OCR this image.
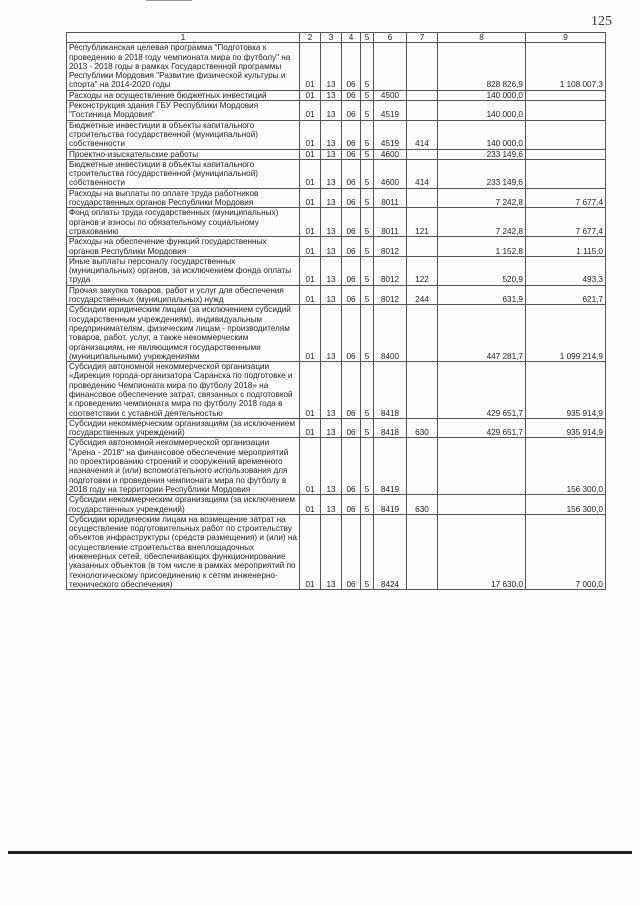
125
1	2	3	4	5	6	7	8	9
Республиканская целевая программа "Подготовка к проведению в 2018 году чемпионата мира по футболу" на 2013 - 2018 годы в рамках Государственной программы Республики Мордовия "Развитие физической культуры и спорта" на 2014-2020 годы	01	13	06	5			828 826,9	1 108 007,3
Расходы на осуществление бюджетных инвестиций	01	13	06	5	4500		140 000,0	
Реконструкция здания ГБУ Республики Мордовия "Гостиница Мордовия"	01	13	06	5	4519		140 000,0	
Бюджетные инвестиции в объекты капитального строительства государственной (муниципальной) собственности	01	13	06	5	4519	414	140 000,0	
Проектно-изыскательские работы	01	13	06	5	4600		233 149,6	
Бюджетные инвестиции в объекты капитального строительства государственной (муниципальной) собственности	01	13	06	5	4600	414	233 149,6	
Расходы на выплаты по оплате труда работников государственных органов Республики Мордовия	01	13	06	5	8011		7 242,8	7 677,4
Фонд оплаты труда государственных (муниципальных) органов и взносы по обязательному социальному страхованию	01	13	06	5	8011	121	7 242,8	7 677,4
Расходы на обеспечение функций государственных органов Республики Мордовия	01	13	06	5	8012		1 152,8	1 115,0
Иные выплаты персоналу государственных (муниципальных) органов, за исключением фонда оплаты труда	01	13	06	5	8012	122	520,9	493,3
Прочая закупка товаров, работ и услуг для обеспечения государственных (муниципальных) нужд	01	13	06	5	8012	244	631,9	621,7
Субсидии юридическим лицам (за исключением субсидий государственным учреждениям), индивидуальным предпринимателям, физическим лицам - производителям товаров, работ, услуг, а также некоммерческим организациям, не являющимся государственными (муниципальными) учреждениями	01	13	06	5	8400		447 281,7	1 099 214,9
Субсидия автономной некоммерческой организации «Дирекция города-организатора Саранска по подготовке и проведению Чемпионата мира по футболу 2018» на финансовое обеспечение затрат, связанных с подготовкой к проведению чемпионата мира по футболу 2018 года в соответствии с уставной деятельностью	01	13	06	5	8418		429 651,7	935 914,9
Субсидии некоммерческим организациям (за исключением государственных учреждений)	01	13	06	5	8418	630	429 651,7	935 914,9
Субсидия автономной некоммерческой организации "Арена - 2018" на финансовое обеспечение мероприятий по проектированию строений и сооружений временного назначения и (или) вспомогательного использования для подготовки и проведения чемпионата мира по футболу в 2018 году на территории Республики Мордовия	01	13	06	5	8419			156 300,0
Субсидии некоммерческим организациям (за исключением государственных учреждений)	01	13	06	5	8419	630		156 300,0
Субсидии юридическим лицам на возмещение затрат на осуществление подготовительных работ по строительству объектов инфраструктуры (средств размещения) и (или) на осуществление строительства внеплощадочных инженерных сетей, обеспечивающих функционирование указанных объектов (в том числе в рамках мероприятий по технологическому присоединению к сетям инженерно-технического обеспечения)	01	13	06	5	8424		17 630,0	7 000,0
